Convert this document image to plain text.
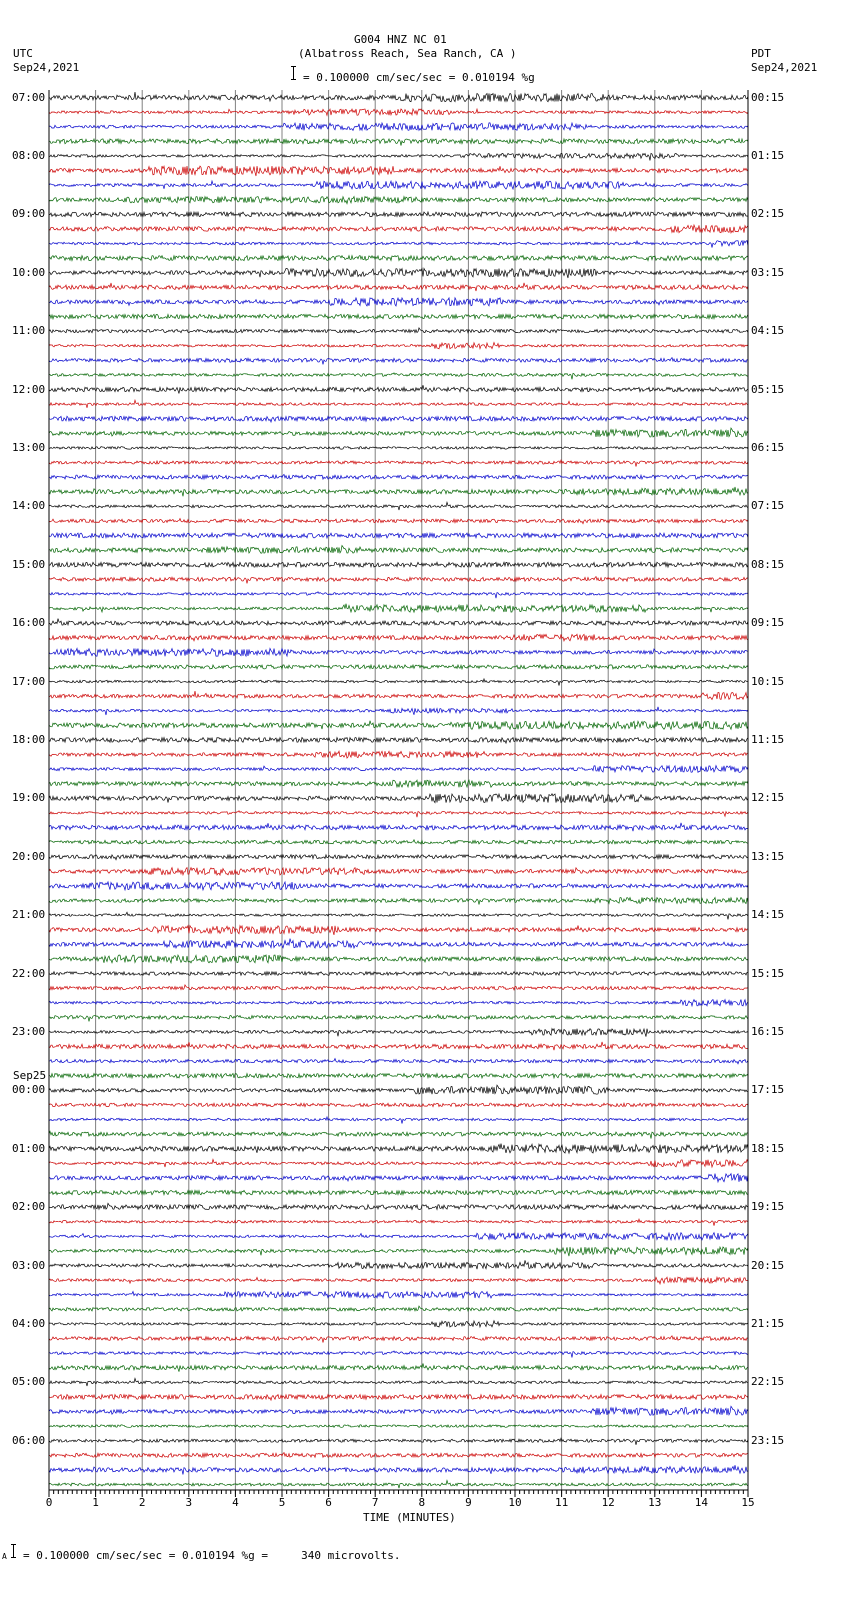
G004 HNZ NC 01
(Albatross Reach, Sea Ranch, CA )
= 0.100000 cm/sec/sec = 0.010194 %g
UTC
Sep24,2021
PDT
Sep24,2021
0	1	2	3	4	5	6	7	8	9	10	11	12	13	14	15
07:00
08:00
09:00
10:00
11:00
12:00
13:00
14:00
15:00
16:00
17:00
18:00
19:00
20:00
21:00
22:00
23:00
Sep25
00:00
01:00
02:00
03:00
04:00
05:00
06:00
00:15
01:15
02:15
03:15
04:15
05:15
06:15
07:15
08:15
09:15
10:15
11:15
12:15
13:15
14:15
15:15
16:15
17:15
18:15
19:15
20:15
21:15
22:15
23:15
TIME (MINUTES)
A = 0.100000 cm/sec/sec = 0.010194 %g =     340 microvolts.
